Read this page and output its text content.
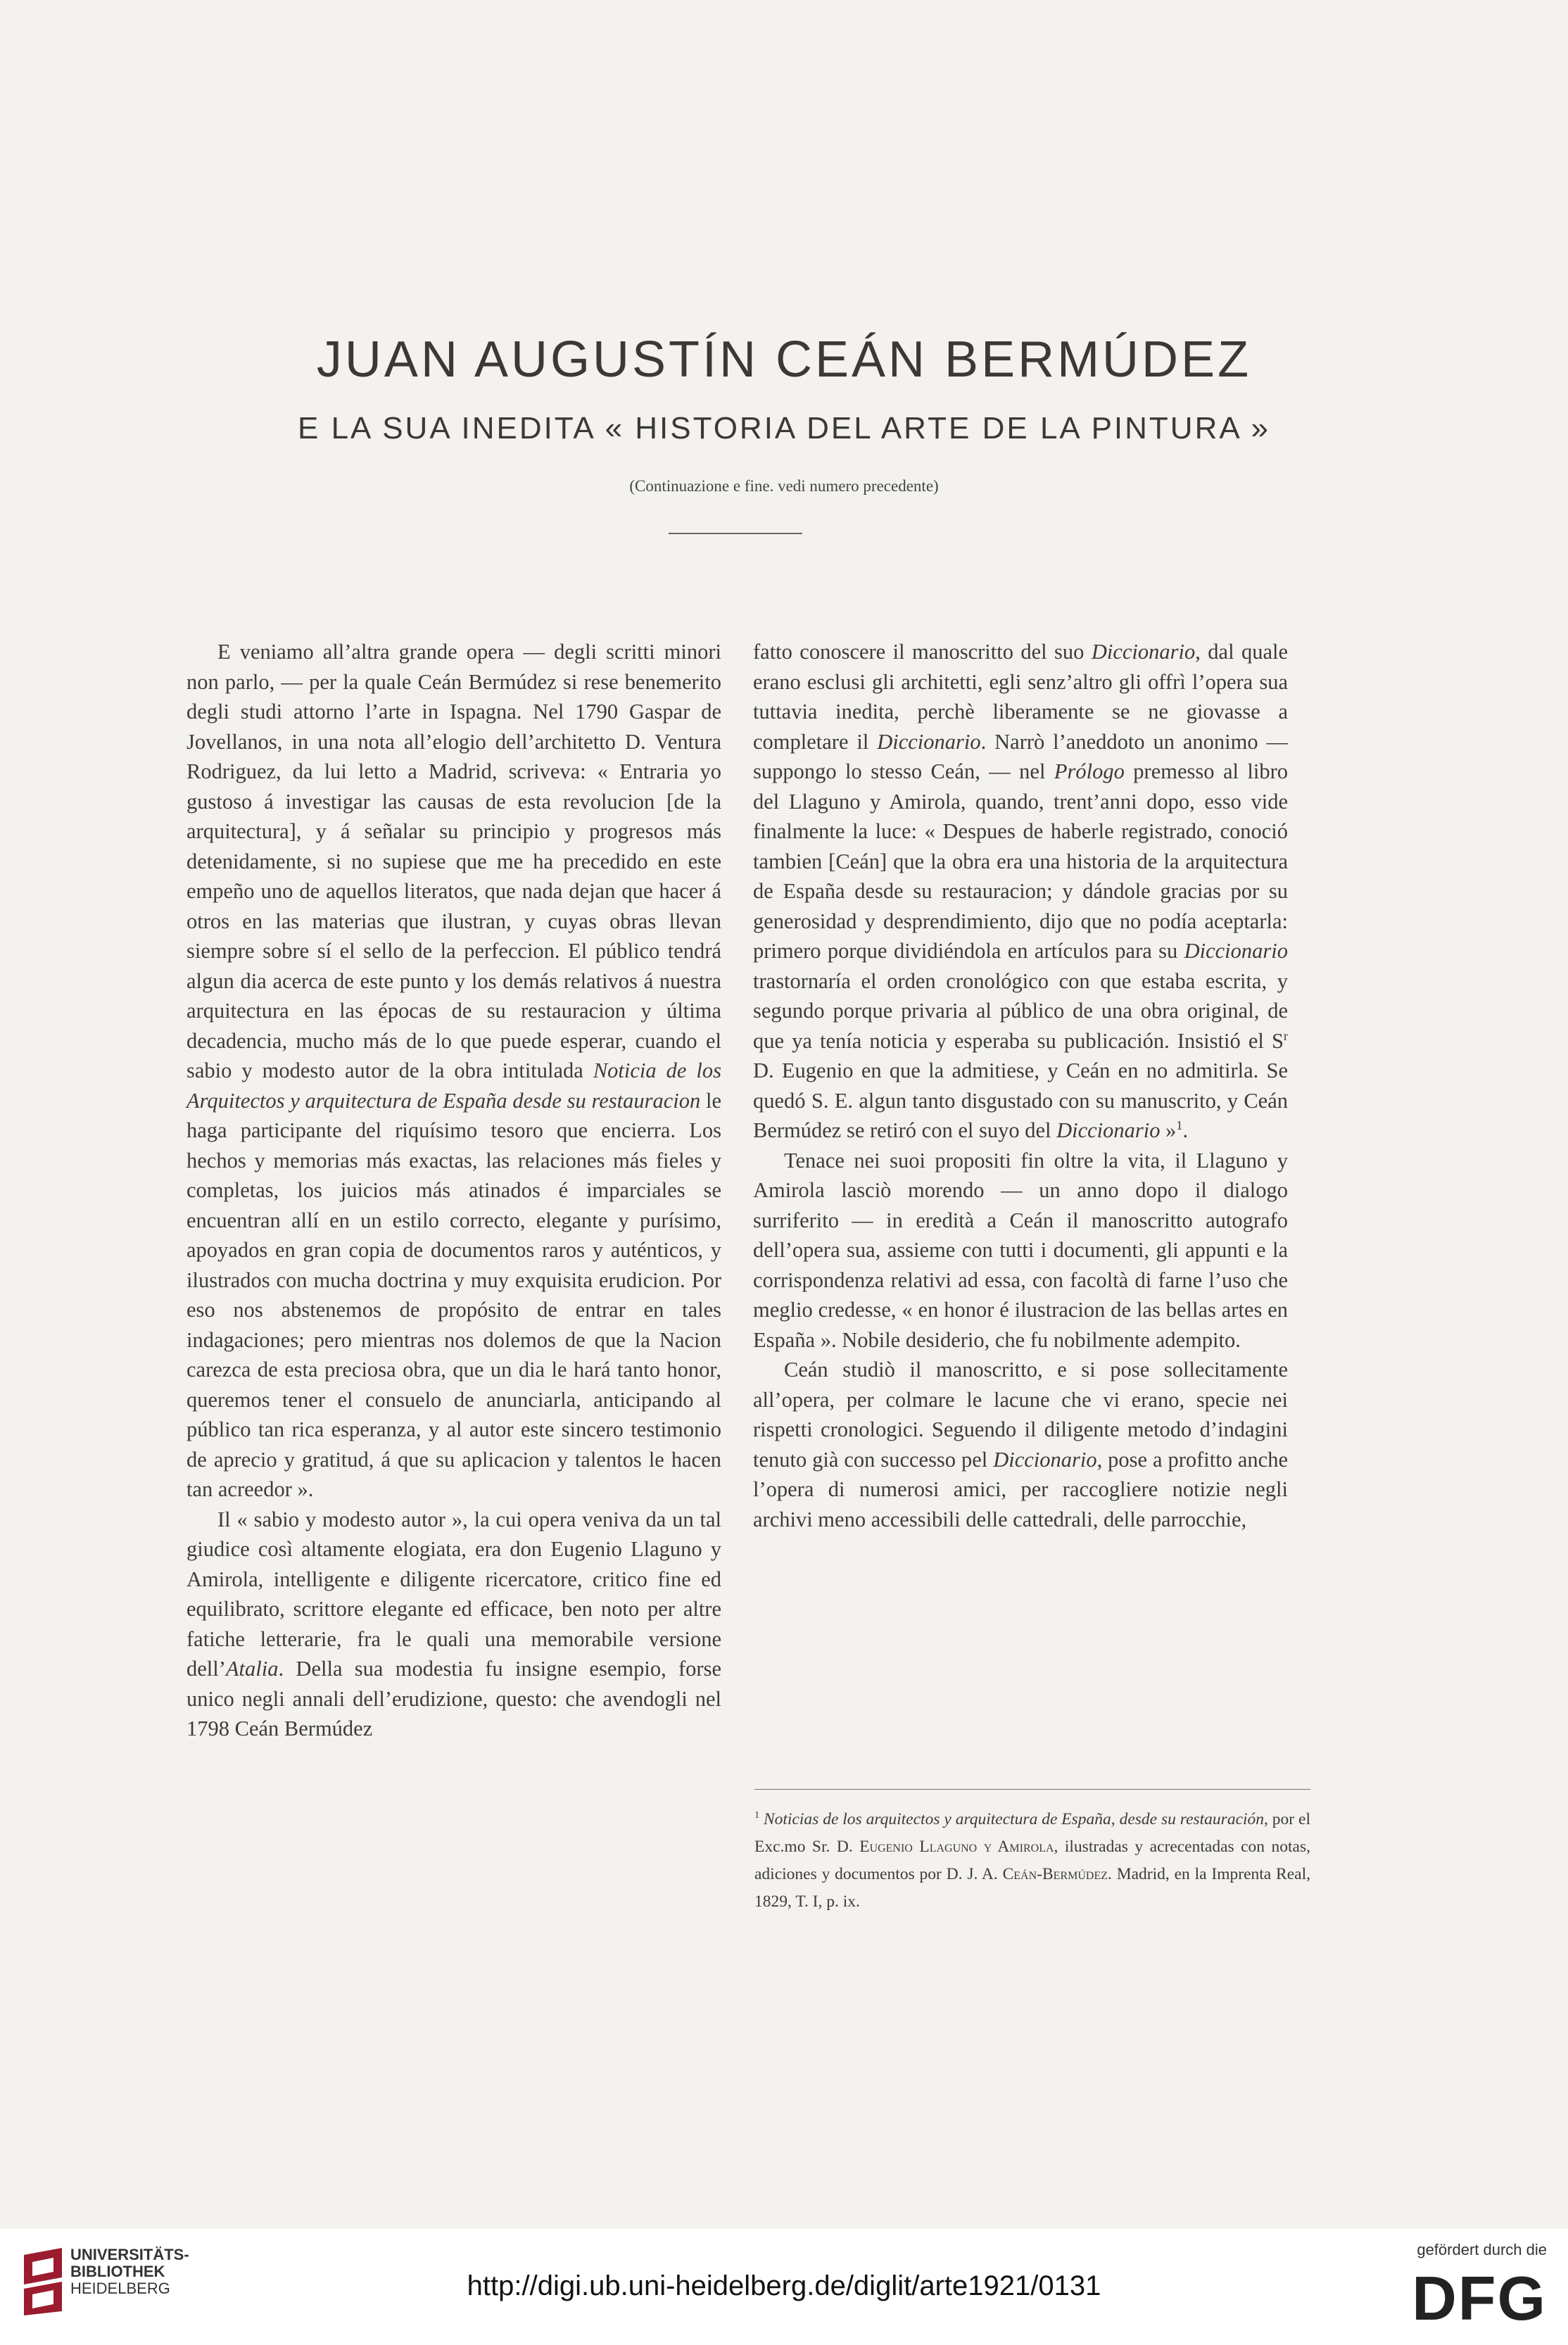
JUAN AUGUSTÍN CEÁN BERMÚDEZ
E LA SUA INEDITA « HISTORIA DEL ARTE DE LA PINTURA »
(Continuazione e fine. vedi numero precedente)

E veniamo all’altra grande opera — degli scritti minori non parlo, — per la quale Ceán Bermúdez si rese benemerito degli studi attorno l’arte in Ispagna. Nel 1790 Gaspar de Jovellanos, in una nota all’elogio dell’architetto D. Ventura Rodriguez, da lui letto a Madrid, scriveva: « Entraria yo gustoso á investigar las causas de esta revolucion [de la arquitectura], y á señalar su principio y progresos más detenidamente, si no supiese que me ha precedido en este empeño uno de aquellos literatos, que nada dejan que hacer á otros en las materias que ilustran, y cuyas obras llevan siempre sobre sí el sello de la perfeccion. El público tendrá algun dia acerca de este punto y los demás relativos á nuestra arquitectura en las épocas de su restauracion y última decadencia, mucho más de lo que puede esperar, cuando el sabio y modesto autor de la obra intitulada Noticia de los Arquitectos y arquitectura de España desde su restauracion le haga participante del riquísimo tesoro que encierra. Los hechos y memorias más exactas, las relaciones más fieles y completas, los juicios más atinados é imparciales se encuentran allí en un estilo correcto, elegante y purísimo, apoyados en gran copia de documentos raros y auténticos, y ilustrados con mucha doctrina y muy exquisita erudicion. Por eso nos abstenemos de propósito de entrar en tales indagaciones; pero mientras nos dolemos de que la Nacion carezca de esta preciosa obra, que un dia le hará tanto honor, queremos tener el consuelo de anunciarla, anticipando al público tan rica esperanza, y al autor este sincero testimonio de aprecio y gratitud, á que su aplicacion y talentos le hacen tan acreedor ».

Il « sabio y modesto autor », la cui opera veniva da un tal giudice così altamente elogiata, era don Eugenio Llaguno y Amirola, intelligente e diligente ricercatore, critico fine ed equilibrato, scrittore elegante ed efficace, ben noto per altre fatiche letterarie, fra le quali una memorabile versione dell’Atalia. Della sua modestia fu insigne esempio, forse unico negli annali dell’erudizione, questo: che avendogli nel 1798 Ceán Bermúdez

fatto conoscere il manoscritto del suo Diccionario, dal quale erano esclusi gli architetti, egli senz’altro gli offrì l’opera sua tuttavia inedita, perchè liberamente se ne giovasse a completare il Diccionario. Narrò l’aneddoto un anonimo — suppongo lo stesso Ceán, — nel Prólogo premesso al libro del Llaguno y Amirola, quando, trent’anni dopo, esso vide finalmente la luce: « Despues de haberle registrado, conoció tambien [Ceán] que la obra era una historia de la arquitectura de España desde su restauracion; y dándole gracias por su generosidad y desprendimiento, dijo que no podía aceptarla: primero porque dividiéndola en artículos para su Diccionario trastornaría el orden cronológico con que estaba escrita, y segundo porque privaria al público de una obra original, de que ya tenía noticia y esperaba su publicación. Insistió el $S^r$ D. Eugenio en que la admitiese, y Ceán en no admitirla. Se quedó S. E. algun tanto disgustado con su manuscrito, y Ceán Bermúdez se retiró con el suyo del Diccionario »$^1$.

Tenace nei suoi propositi fin oltre la vita, il Llaguno y Amirola lasciò morendo — un anno dopo il dialogo surriferito — in eredità a Ceán il manoscritto autografo dell’opera sua, assieme con tutti i documenti, gli appunti e la corrispondenza relativi ad essa, con facoltà di farne l’uso che meglio credesse, « en honor é ilustracion de las bellas artes en España ». Nobile desiderio, che fu nobilmente adempito.

Ceán studiò il manoscritto, e si pose sollecitamente all’opera, per colmare le lacune che vi erano, specie nei rispetti cronologici. Seguendo il diligente metodo d’indagini tenuto già con successo pel Diccionario, pose a profitto anche l’opera di numerosi amici, per raccogliere notizie negli archivi meno accessibili delle cattedrali, delle parrocchie,

$^1$ Noticias de los arquitectos y arquitectura de España, desde su restauración, por el Exc.mo Sr. D. Eugenio Llaguno y Amirola, ilustradas y acrecentadas con notas, adiciones y documentos por D. J. A. Ceán-Bermúdez. Madrid, en la Imprenta Real, 1829, T. I, p. ix.
UNIVERSITÄTS-
BIBLIOTHEK
HEIDELBERG	http://digi.ub.uni-heidelberg.de/diglit/arte1921/0131
gefördert durch die
DFG
